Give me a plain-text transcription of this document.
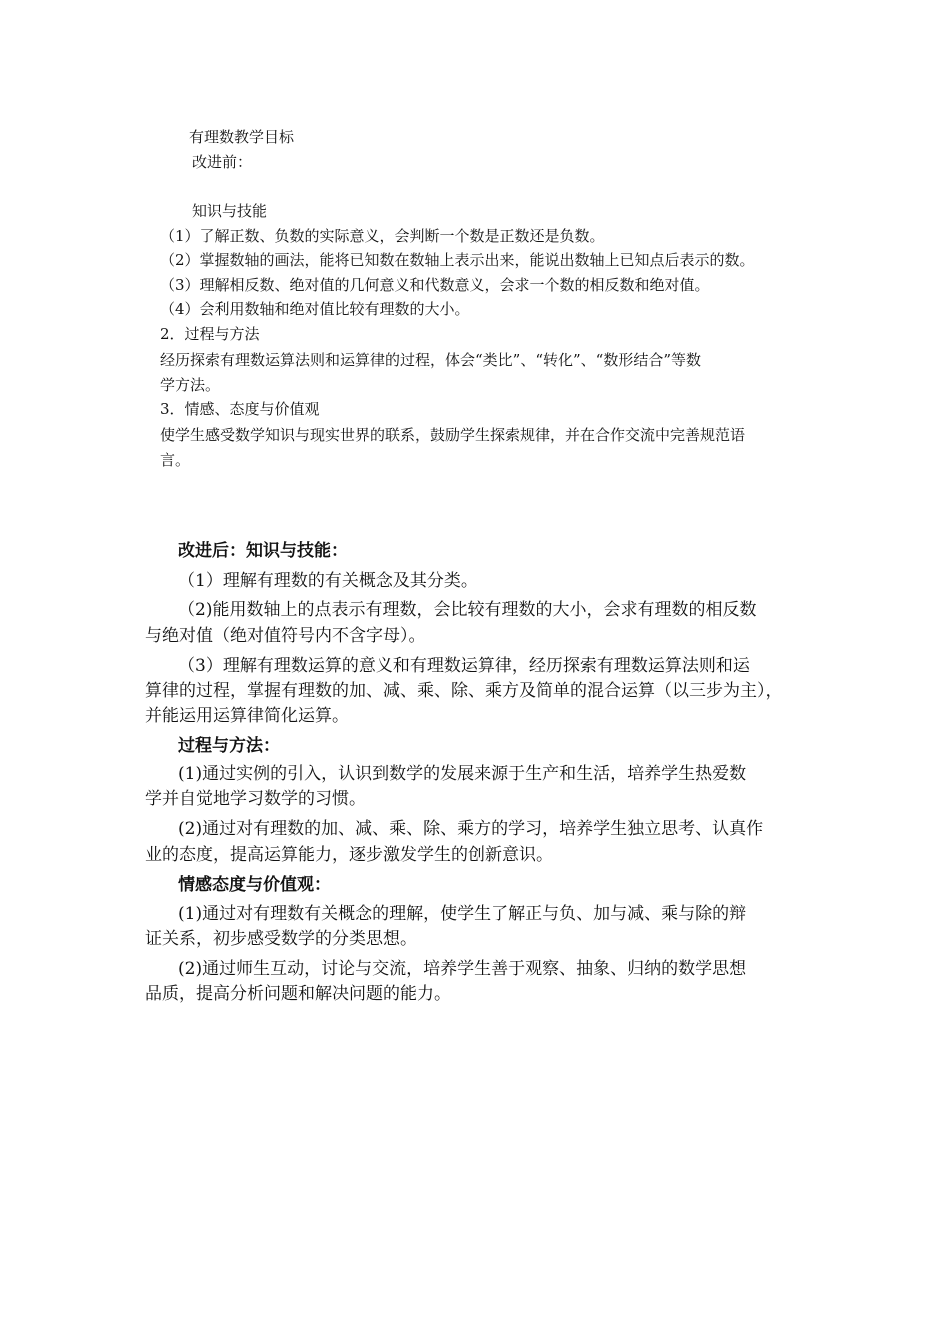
有理数教学目标
改进前：
知识与技能
（1）了解正数、负数的实际意义，会判断一个数是正数还是负数。
（2）掌握数轴的画法，能将已知数在数轴上表示出来，能说出数轴上已知点后表示的数。
（3）理解相反数、绝对值的几何意义和代数意义，会求一个数的相反数和绝对值。
（4）会利用数轴和绝对值比较有理数的大小。
2．过程与方法
经历探索有理数运算法则和运算律的过程，体会“类比”、“转化”、“数形结合”等数
学方法。
3．情感、态度与价值观
使学生感受数学知识与现实世界的联系，鼓励学生探索规律，并在合作交流中完善规范语
言。
改进后：知识与技能：
（1）理解有理数的有关概念及其分类。
（2)能用数轴上的点表示有理数，会比较有理数的大小，会求有理数的相反数
与绝对值（绝对值符号内不含字母）。
（3）理解有理数运算的意义和有理数运算律，经历探索有理数运算法则和运
算律的过程，掌握有理数的加、减、乘、除、乘方及简单的混合运算（以三步为主），
并能运用运算律简化运算。
过程与方法：
(1)通过实例的引入，认识到数学的发展来源于生产和生活，培养学生热爱数
学并自觉地学习数学的习惯。
(2)通过对有理数的加、减、乘、除、乘方的学习，培养学生独立思考、认真作
业的态度，提高运算能力，逐步激发学生的创新意识。
情感态度与价值观：
(1)通过对有理数有关概念的理解，使学生了解正与负、加与减、乘与除的辩
证关系，初步感受数学的分类思想。
(2)通过师生互动，讨论与交流，培养学生善于观察、抽象、归纳的数学思想
品质，提高分析问题和解决问题的能力。
